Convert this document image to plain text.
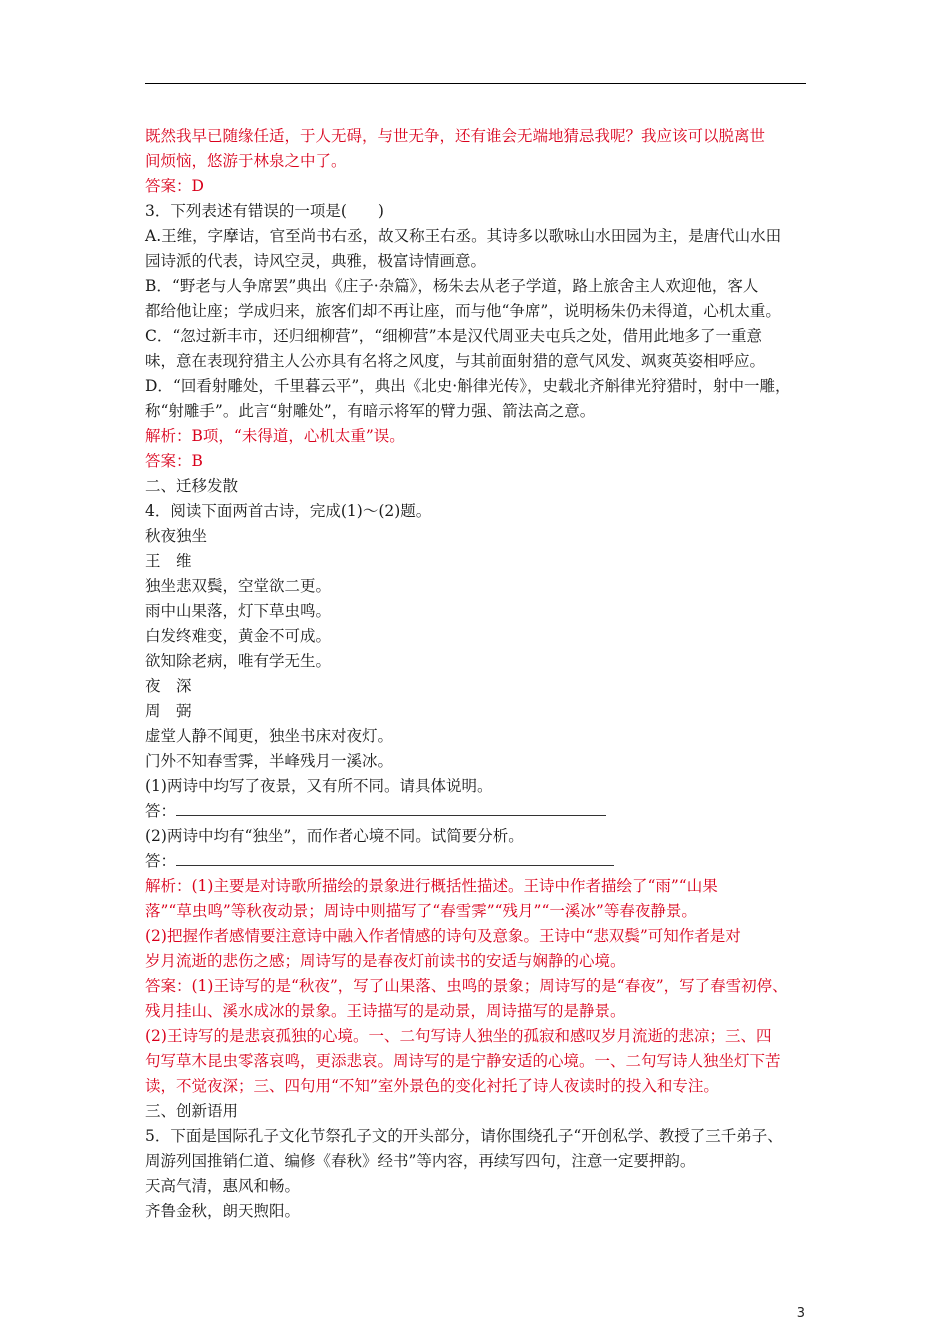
既然我早已随缘任适，于人无碍，与世无争，还有谁会无端地猜忌我呢？我应该可以脱离世
间烦恼，悠游于林泉之中了。
答案：D
3．下列表述有错误的一项是(　　)
A.王维，字摩诘，官至尚书右丞，故又称王右丞。其诗多以歌咏山水田园为主，是唐代山水田
园诗派的代表，诗风空灵，典雅，极富诗情画意。
B．“野老与人争席罢”典出《庄子·杂篇》，杨朱去从老子学道，路上旅舍主人欢迎他，客人
都给他让座；学成归来，旅客们却不再让座，而与他“争席”，说明杨朱仍未得道，心机太重。
C．“忽过新丰市，还归细柳营”，“细柳营”本是汉代周亚夫屯兵之处，借用此地多了一重意
味，意在表现狩猎主人公亦具有名将之风度，与其前面射猎的意气风发、飒爽英姿相呼应。
D．“回看射雕处，千里暮云平”，典出《北史·斛律光传》，史载北齐斛律光狩猎时，射中一雕，
称“射雕手”。此言“射雕处”，有暗示将军的臂力强、箭法高之意。
解析：B项，“未得道，心机太重”误。
答案：B
二、迁移发散
4．阅读下面两首古诗，完成(1)～(2)题。
秋夜独坐
王　维
独坐悲双鬓，空堂欲二更。
雨中山果落，灯下草虫鸣。
白发终难变，黄金不可成。
欲知除老病，唯有学无生。
夜　深
周　弼
虚堂人静不闻更，独坐书床对夜灯。
门外不知春雪霁，半峰残月一溪冰。
(1)两诗中均写了夜景，又有所不同。请具体说明。
答：
(2)两诗中均有“独坐”，而作者心境不同。试简要分析。
答：
解析：(1)主要是对诗歌所描绘的景象进行概括性描述。王诗中作者描绘了“雨”“山果
落”“草虫鸣”等秋夜动景；周诗中则描写了“春雪霁”“残月”“一溪冰”等春夜静景。
(2)把握作者感情要注意诗中融入作者情感的诗句及意象。王诗中“悲双鬓”可知作者是对
岁月流逝的悲伤之感；周诗写的是春夜灯前读书的安适与娴静的心境。
答案：(1)王诗写的是“秋夜”，写了山果落、虫鸣的景象；周诗写的是“春夜”，写了春雪初停、
残月挂山、溪水成冰的景象。王诗描写的是动景，周诗描写的是静景。
(2)王诗写的是悲哀孤独的心境。一、二句写诗人独坐的孤寂和感叹岁月流逝的悲凉；三、四
句写草木昆虫零落哀鸣，更添悲哀。周诗写的是宁静安适的心境。一、二句写诗人独坐灯下苦
读，不觉夜深；三、四句用“不知”室外景色的变化衬托了诗人夜读时的投入和专注。
三、创新语用
5．下面是国际孔子文化节祭孔子文的开头部分，请你围绕孔子“开创私学、教授了三千弟子、
周游列国推销仁道、编修《春秋》经书”等内容，再续写四句，注意一定要押韵。
天高气清，惠风和畅。
齐鲁金秋，朗天煦阳。
3
